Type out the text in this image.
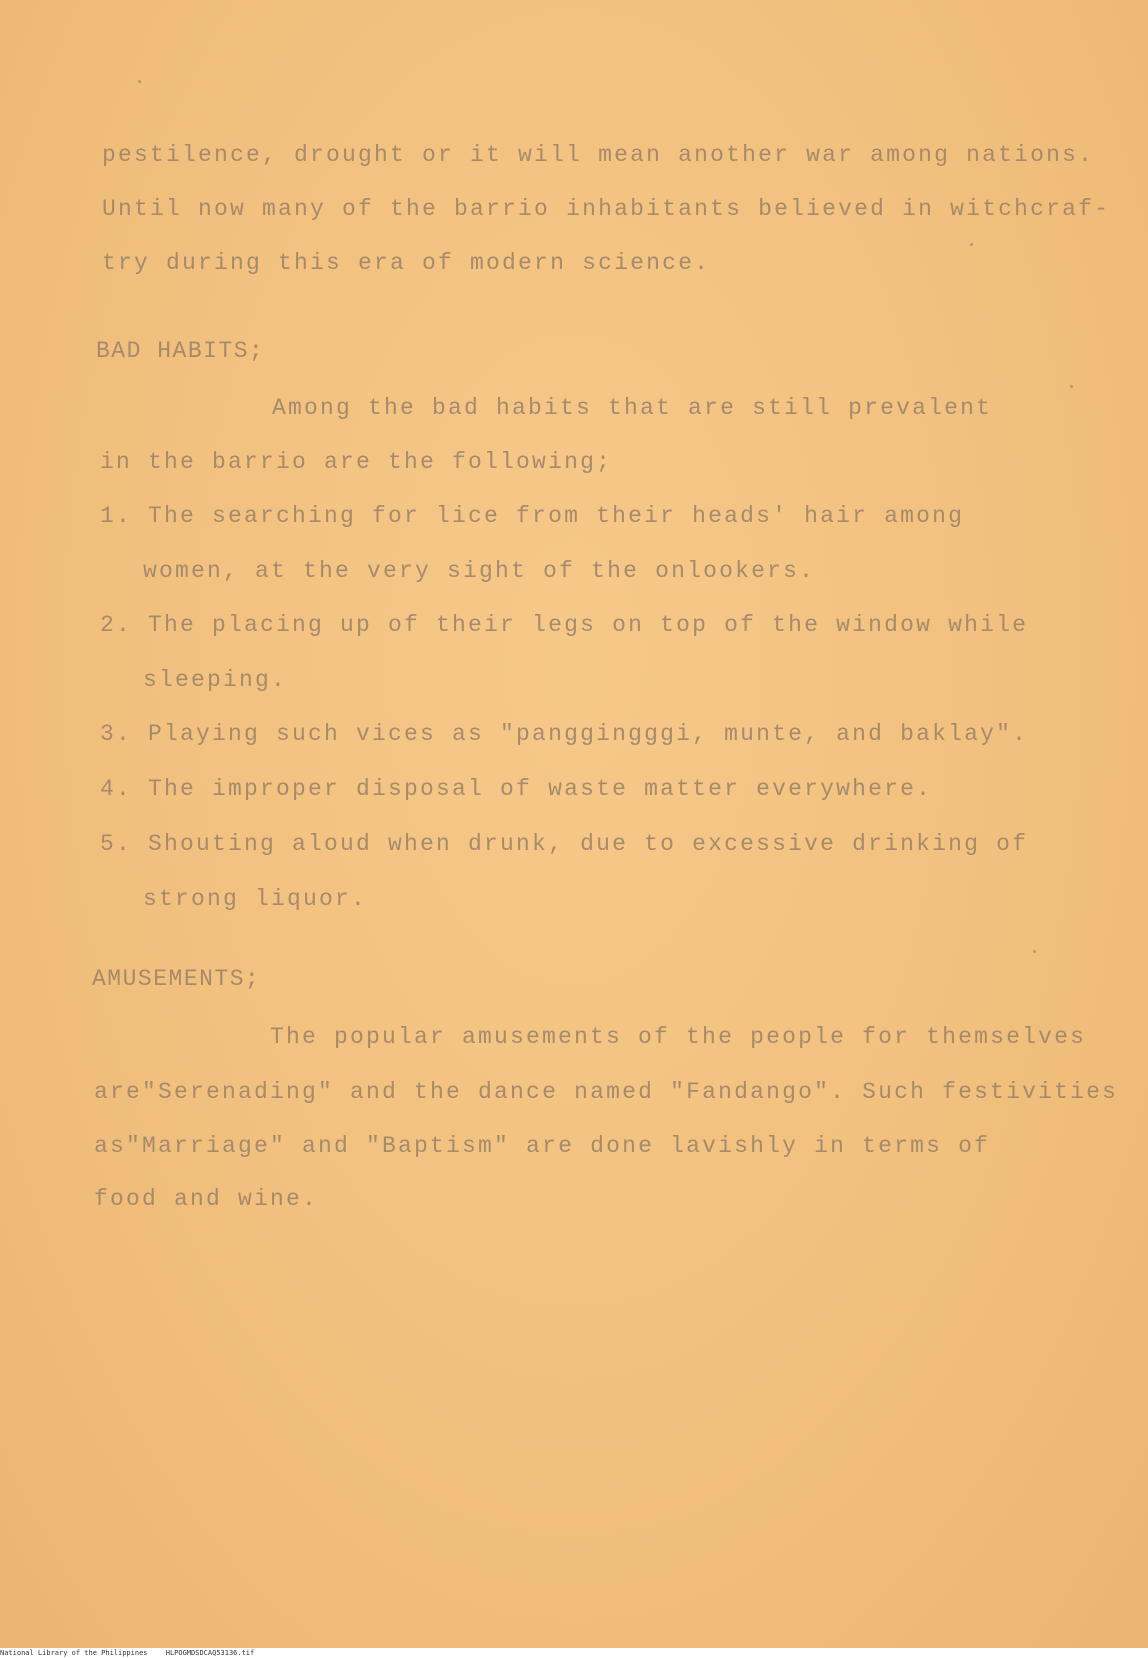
pestilence, drought or it will mean another war among nations.
Until now many of the barrio inhabitants believed in witchcraf-
try during this era of modern science.
BAD HABITS;
Among the bad habits that are still prevalent
in the barrio are the following;
1. The searching for lice from their heads' hair among
women, at the very sight of the onlookers.
2. The placing up of their legs on top of the window while
sleeping.
3. Playing such vices as "panggingggi, munte, and baklay".
4. The improper disposal of waste matter everywhere.
5. Shouting aloud when drunk, due to excessive drinking of
strong liquor.
AMUSEMENTS;
The popular amusements of the people for themselves
are"Serenading" and the dance named "Fandango". Such festivities
as"Marriage" and "Baptism" are done lavishly in terms of
food and wine.
National Library of the Philippines	HLPOGMDSDCAQ53136.tif
